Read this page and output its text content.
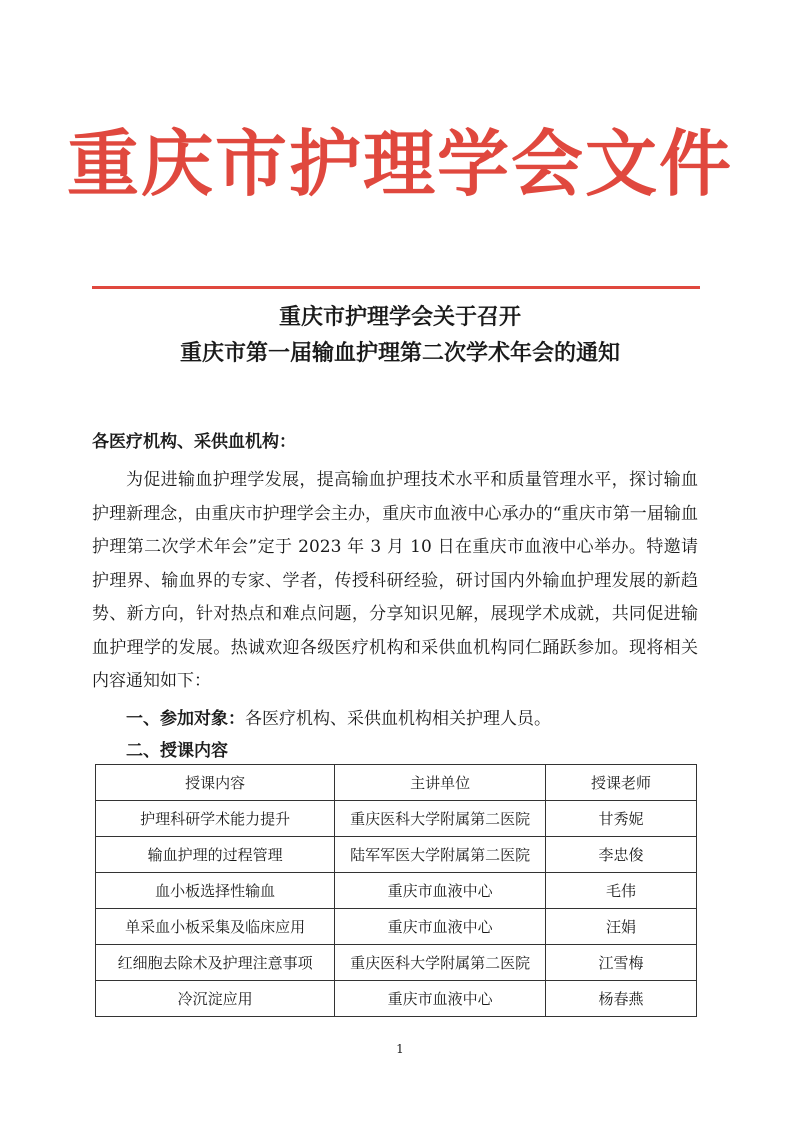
重庆市护理学会文件
重庆市护理学会关于召开
重庆市第一届输血护理第二次学术年会的通知
各医疗机构、采供血机构：
为促进输血护理学发展，提高输血护理技术水平和质量管理水平，探讨输血护理新理念，由重庆市护理学会主办，重庆市血液中心承办的“重庆市第一届输血护理第二次学术年会”定于 2023 年 3 月 10 日在重庆市血液中心举办。特邀请护理界、输血界的专家、学者，传授科研经验，研讨国内外输血护理发展的新趋势、新方向，针对热点和难点问题，分享知识见解，展现学术成就，共同促进输血护理学的发展。热诚欢迎各级医疗机构和采供血机构同仁踊跃参加。现将相关内容通知如下：
一、参加对象：各医疗机构、采供血机构相关护理人员。
二、授课内容
授课内容	主讲单位	授课老师
护理科研学术能力提升	重庆医科大学附属第二医院	甘秀妮
输血护理的过程管理	陆军军医大学附属第二医院	李忠俊
血小板选择性输血	重庆市血液中心	毛伟
单采血小板采集及临床应用	重庆市血液中心	汪娟
红细胞去除术及护理注意事项	重庆医科大学附属第二医院	江雪梅
冷沉淀应用	重庆市血液中心	杨春燕
1
